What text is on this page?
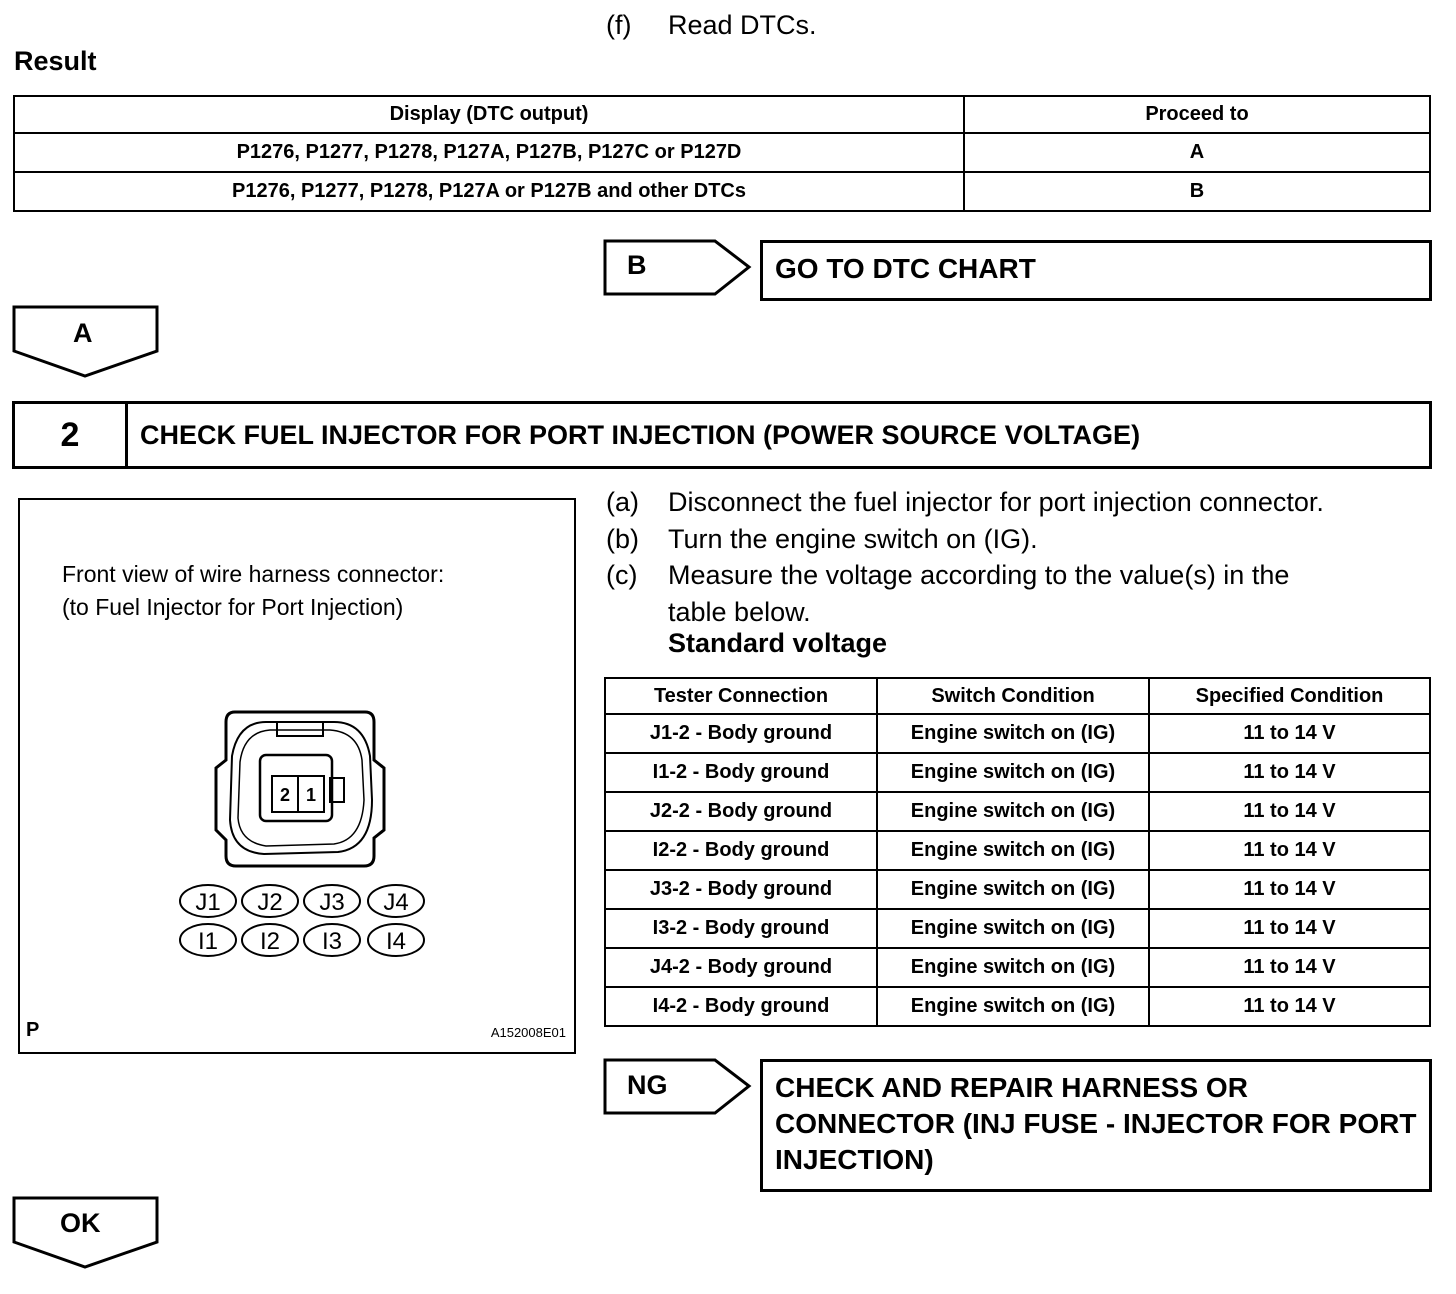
(f) Read DTCs.
Result
Display (DTC output)	Proceed to
P1276, P1277, P1278, P127A, P127B, P127C or P127D	A
P1276, P1277, P1278, P127A or P127B and other DTCs	B
B	GO TO DTC CHART
A
2	CHECK FUEL INJECTOR FOR PORT INJECTION (POWER SOURCE VOLTAGE)
Front view of wire harness connector:
(to Fuel Injector for Port Injection)
2 1
J1 J2 J3 J4
I1 I2 I3 I4
P	A152008E01
(a)	Disconnect the fuel injector for port injection connector.
(b)	Turn the engine switch on (IG).
(c)	Measure the voltage according to the value(s) in the
table below.
Standard voltage
Tester Connection	Switch Condition	Specified Condition
J1-2 - Body ground	Engine switch on (IG)	11 to 14 V
I1-2 - Body ground	Engine switch on (IG)	11 to 14 V
J2-2 - Body ground	Engine switch on (IG)	11 to 14 V
I2-2 - Body ground	Engine switch on (IG)	11 to 14 V
J3-2 - Body ground	Engine switch on (IG)	11 to 14 V
I3-2 - Body ground	Engine switch on (IG)	11 to 14 V
J4-2 - Body ground	Engine switch on (IG)	11 to 14 V
I4-2 - Body ground	Engine switch on (IG)	11 to 14 V
NG	CHECK AND REPAIR HARNESS OR CONNECTOR (INJ FUSE - INJECTOR FOR PORT INJECTION)
OK
